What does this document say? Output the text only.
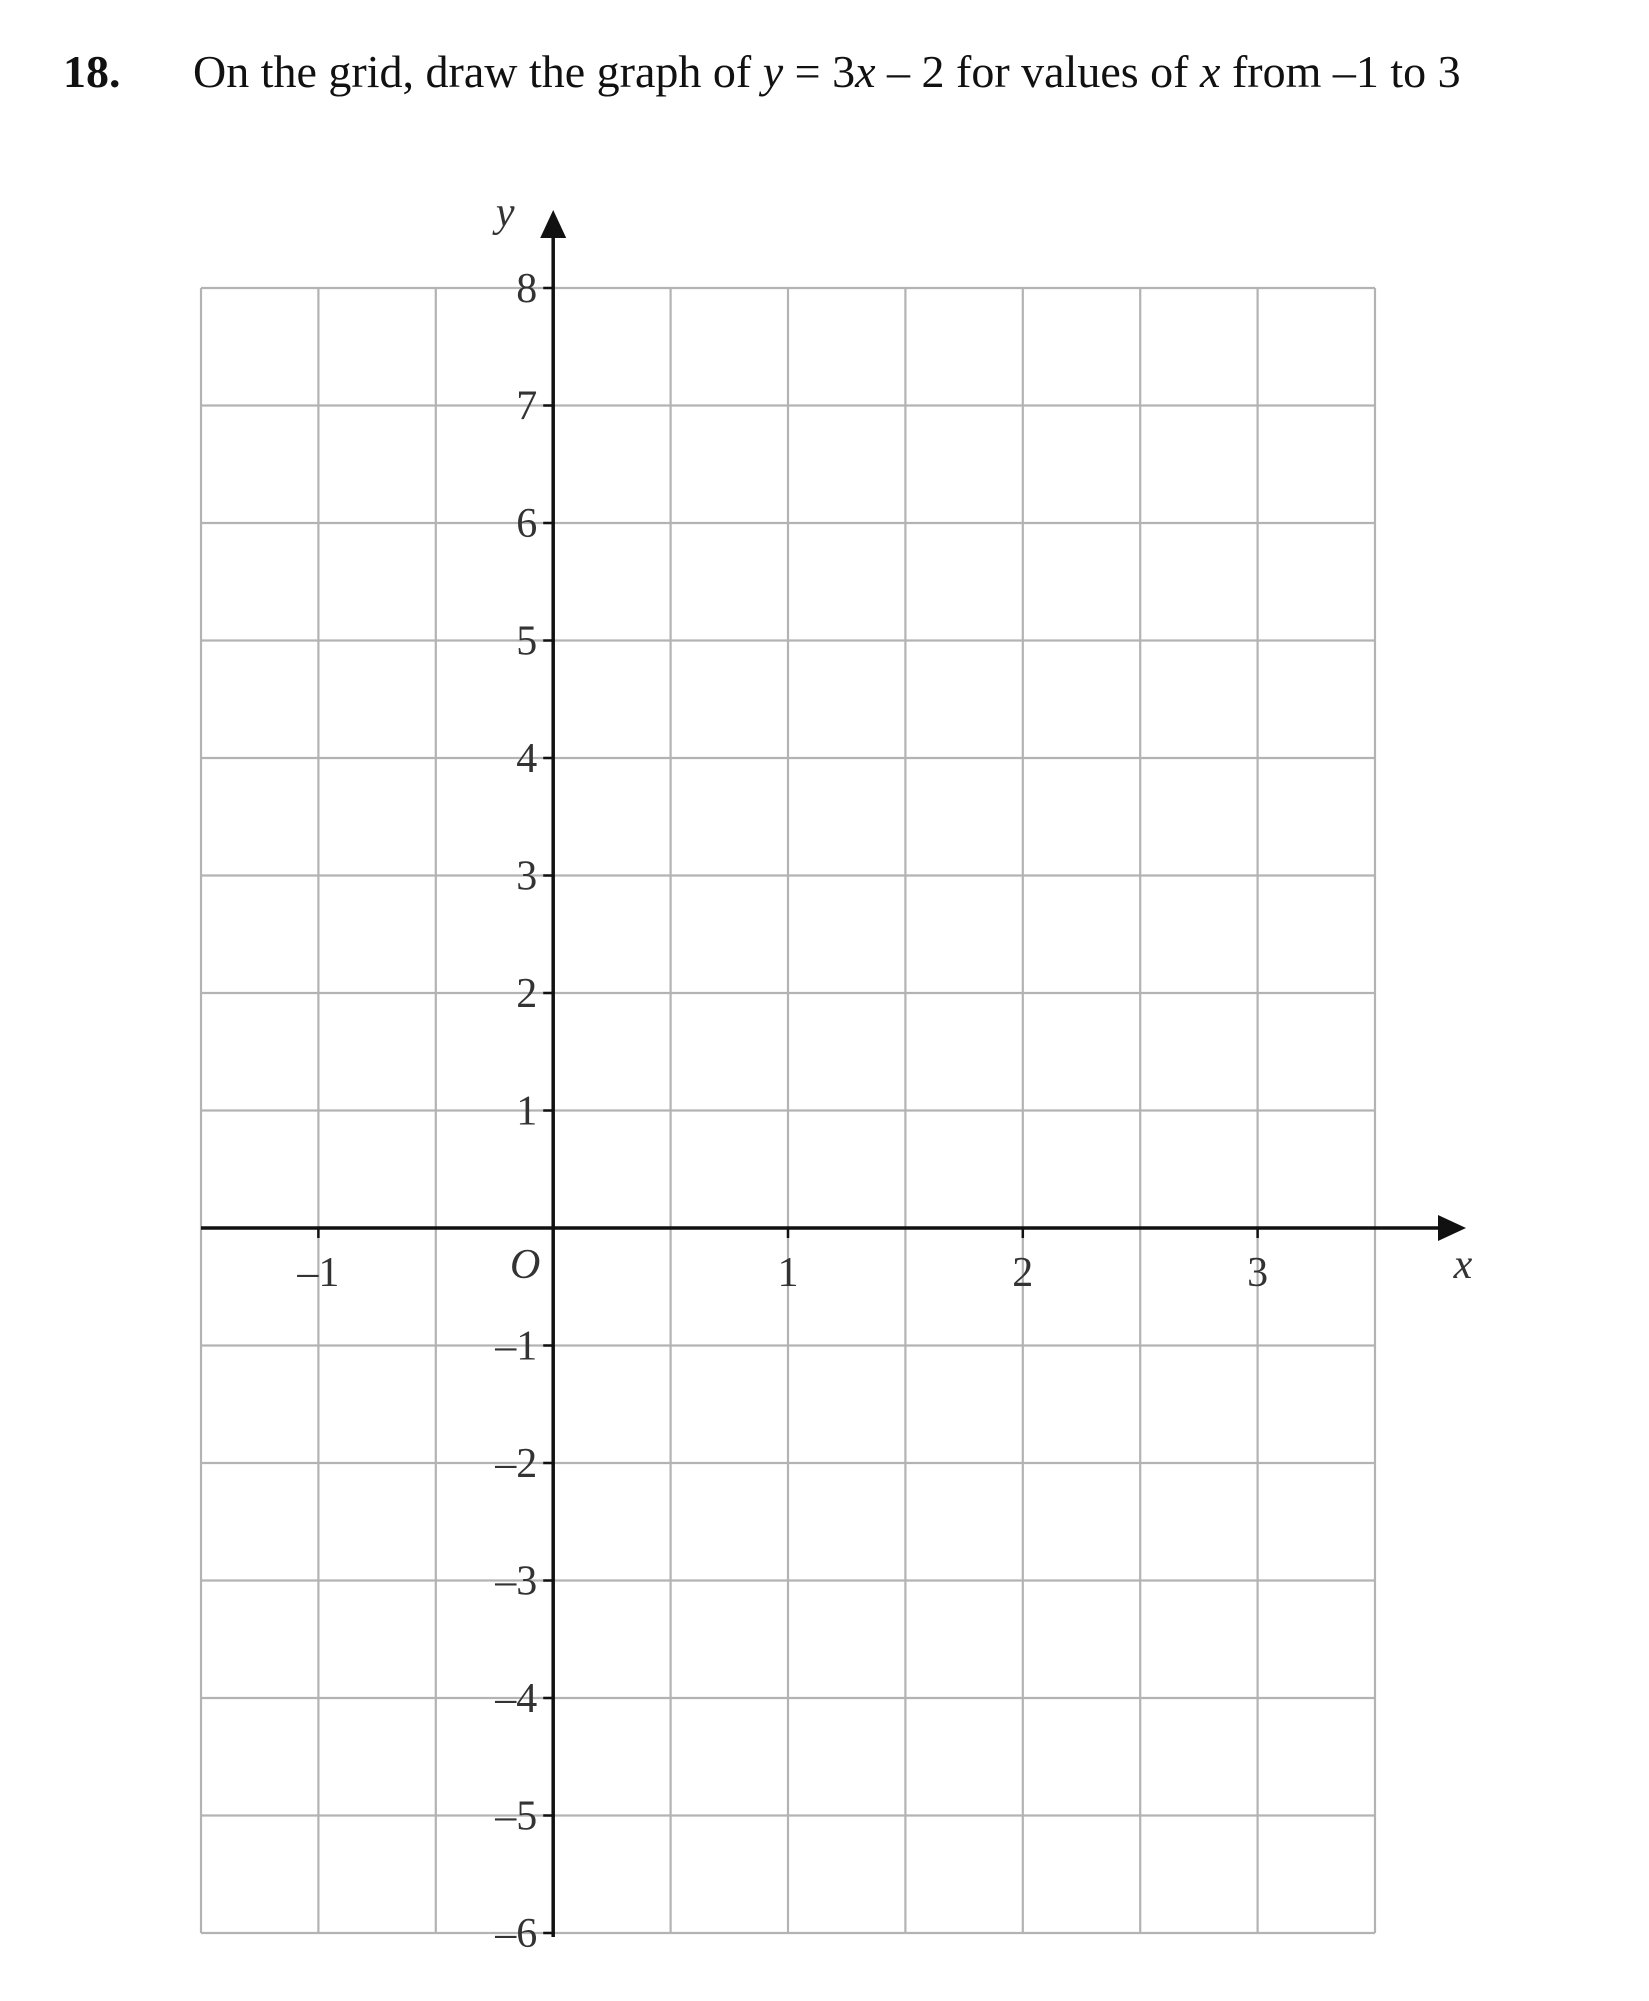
18. On the grid, draw the graph of y = 3x – 2 for values of x from –1 to 3
8
7
6
5
4
3
2
1
–1
–2
–3
–4
–5
–6
–1	1	2	3
y
x
O
